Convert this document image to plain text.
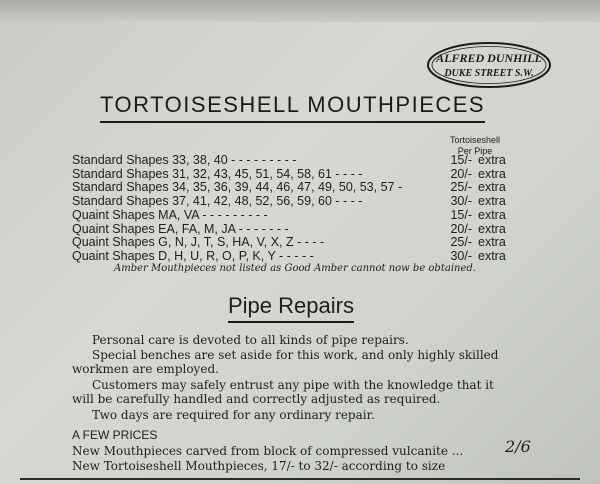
ALFRED DUNHILL
DUKE STREET S.W.
TORTOISESHELL MOUTHPIECES
Tortoiseshell
Per Pipe
Standard Shapes 33, 38, 40 - - - - - - - - -	15/-	extra
Standard Shapes 31, 32, 43, 45, 51, 54, 58, 61 - - - -	20/-	extra
Standard Shapes 34, 35, 36, 39, 44, 46, 47, 49, 50, 53, 57 -	25/-	extra
Standard Shapes 37, 41, 42, 48, 52, 56, 59, 60 - - - -	30/-	extra
Quaint Shapes MA, VA - - - - - - - - -	15/-	extra
Quaint Shapes EA, FA, M, JA - - - - - - -	20/-	extra
Quaint Shapes G, N, J, T, S, HA, V, X, Z - - - -	25/-	extra
Quaint Shapes D, H, U, R, O, P, K, Y - - - - -	30/-	extra
Amber Mouthpieces not listed as Good Amber cannot now be obtained.
Pipe Repairs
Personal care is devoted to all kinds of pipe repairs.
Special benches are set aside for this work, and only highly skilled
workmen are employed.
Customers may safely entrust any pipe with the knowledge that it
will be carefully handled and correctly adjusted as required.
Two days are required for any ordinary repair.
A FEW PRICES
New Mouthpieces carved from block of compressed vulcanite ...	2/6
New Tortoiseshell Mouthpieces, 17/- to 32/- according to size
